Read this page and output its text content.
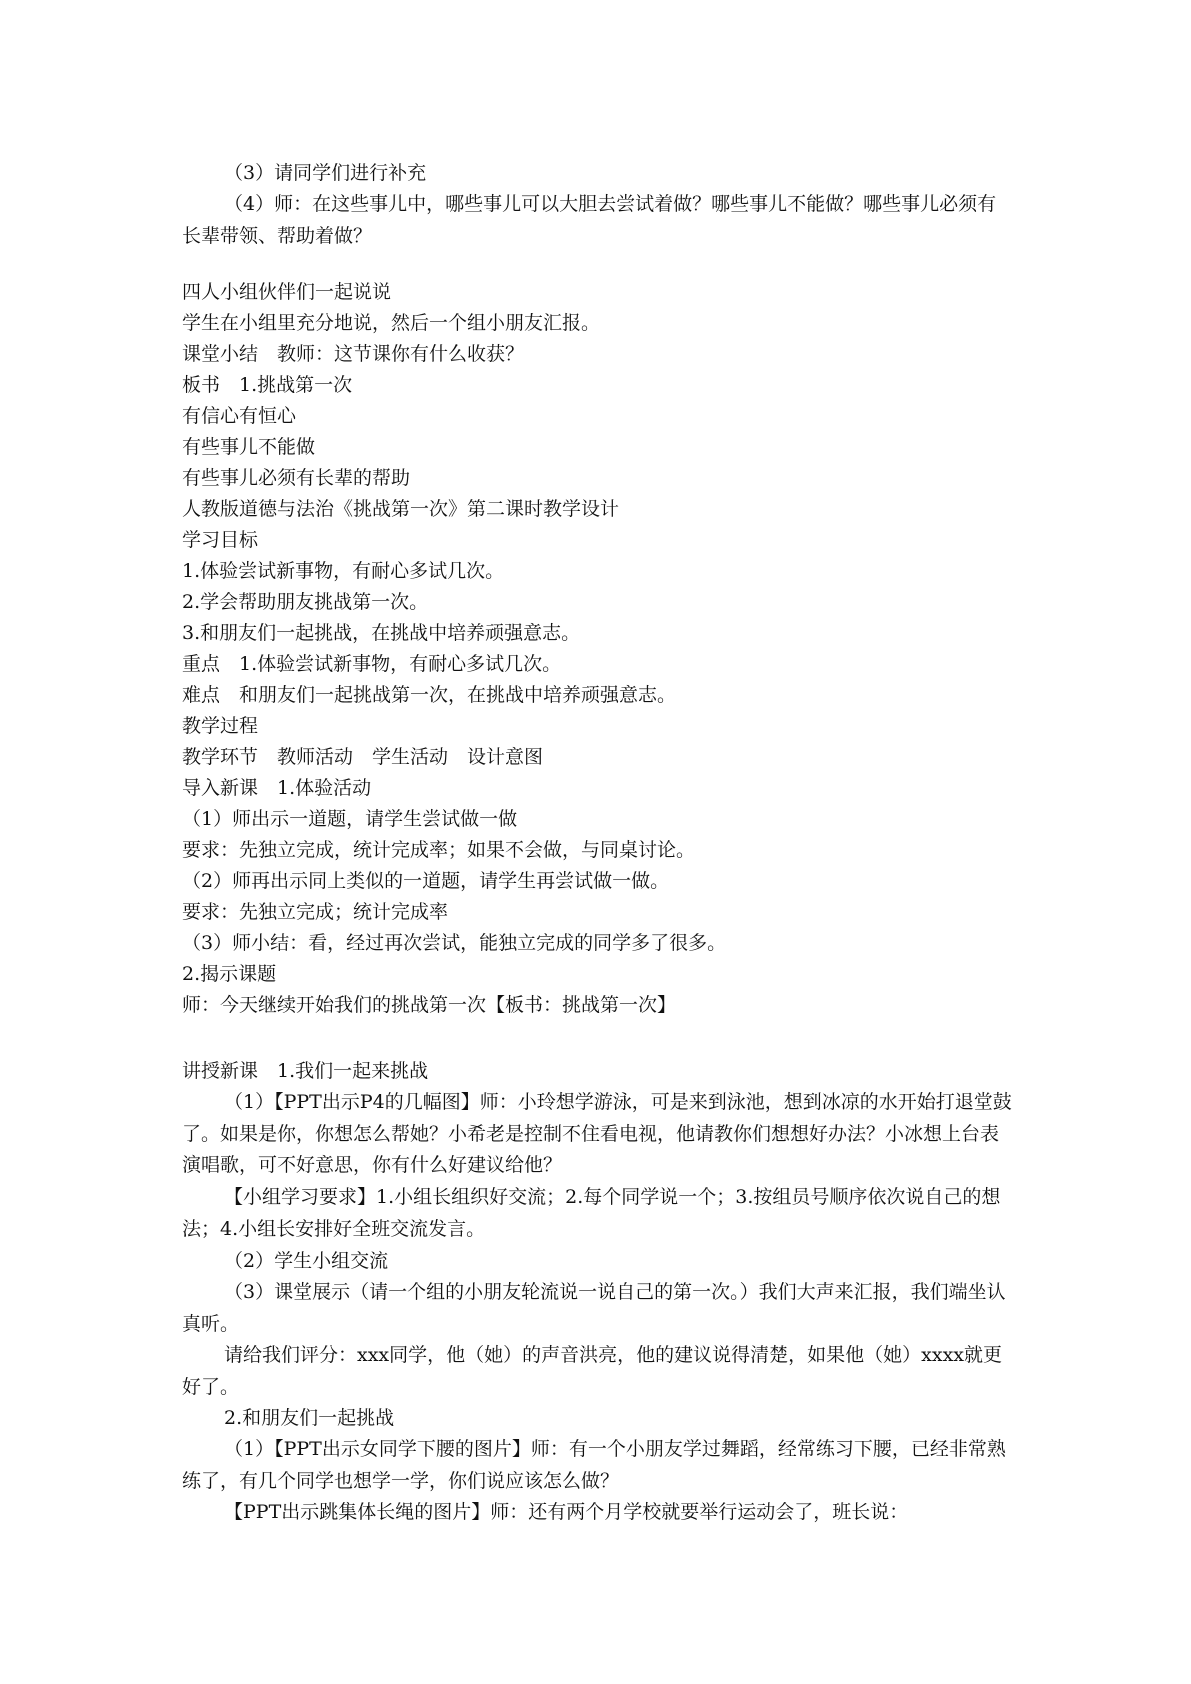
（3）请同学们进行补充
（4）师：在这些事儿中，哪些事儿可以大胆去尝试着做？哪些事儿不能做？哪些事儿必须有长辈带领、帮助着做？
四人小组伙伴们一起说说
学生在小组里充分地说，然后一个组小朋友汇报。
课堂小结　教师：这节课你有什么收获？
板书　1.挑战第一次
有信心有恒心
有些事儿不能做
有些事儿必须有长辈的帮助
人教版道德与法治《挑战第一次》第二课时教学设计
学习目标
1.体验尝试新事物，有耐心多试几次。
2.学会帮助朋友挑战第一次。
3.和朋友们一起挑战，在挑战中培养顽强意志。
重点　1.体验尝试新事物，有耐心多试几次。
难点　和朋友们一起挑战第一次，在挑战中培养顽强意志。
教学过程
教学环节　教师活动　学生活动　设计意图
导入新课　1.体验活动
（1）师出示一道题，请学生尝试做一做
要求：先独立完成，统计完成率；如果不会做，与同桌讨论。
（2）师再出示同上类似的一道题，请学生再尝试做一做。
要求：先独立完成；统计完成率
（3）师小结：看，经过再次尝试，能独立完成的同学多了很多。
2.揭示课题
师：今天继续开始我们的挑战第一次【板书：挑战第一次】
讲授新课　1.我们一起来挑战
（1）【PPT出示P4的几幅图】师：小玲想学游泳，可是来到泳池，想到冰凉的水开始打退堂鼓了。如果是你，你想怎么帮她？小希老是控制不住看电视，他请教你们想想好办法？小冰想上台表演唱歌，可不好意思，你有什么好建议给他？
【小组学习要求】1.小组长组织好交流；2.每个同学说一个；3.按组员号顺序依次说自己的想法；4.小组长安排好全班交流发言。
（2）学生小组交流
（3）课堂展示（请一个组的小朋友轮流说一说自己的第一次。）我们大声来汇报，我们端坐认真听。
请给我们评分：xxx同学，他（她）的声音洪亮，他的建议说得清楚，如果他（她）xxxx就更好了。
2.和朋友们一起挑战
（1）【PPT出示女同学下腰的图片】师：有一个小朋友学过舞蹈，经常练习下腰，已经非常熟练了，有几个同学也想学一学，你们说应该怎么做？
【PPT出示跳集体长绳的图片】师：还有两个月学校就要举行运动会了，班长说：
